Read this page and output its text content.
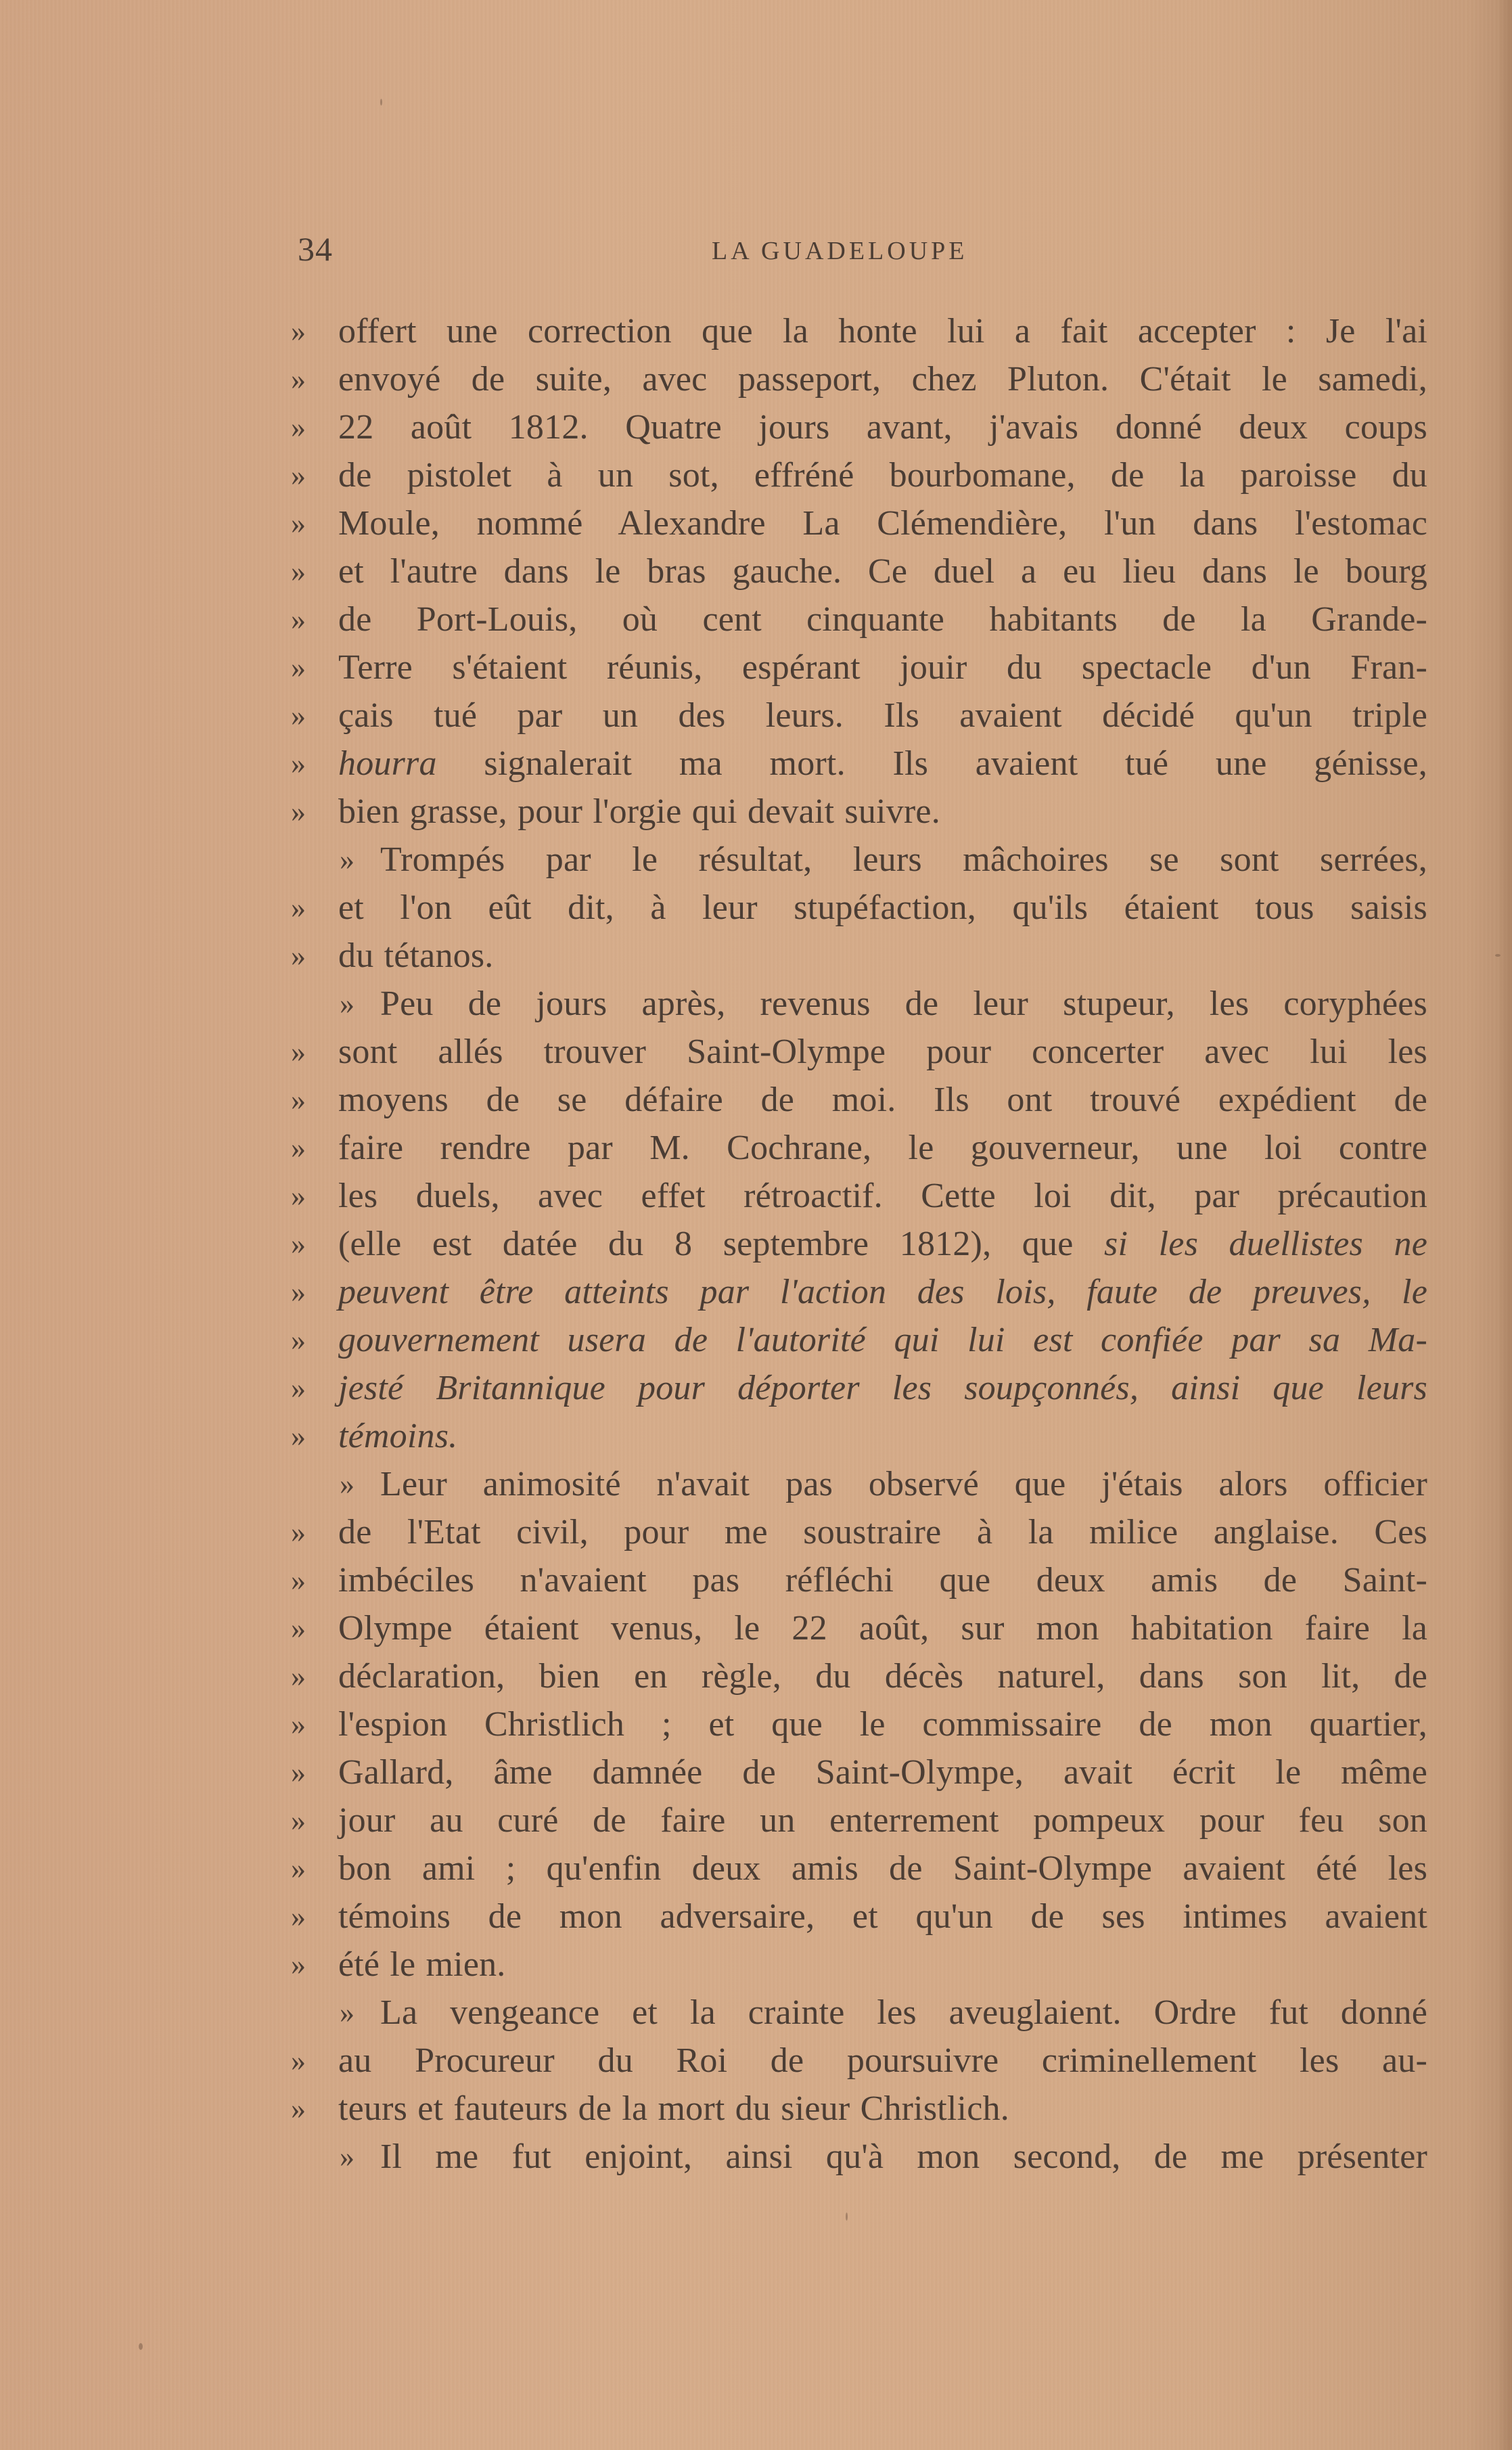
34	LA GUADELOUPE
» offert une correction que la honte lui a fait accepter : Je l'ai
» envoyé de suite, avec passeport, chez Pluton. C'était le samedi,
» 22 août 1812. Quatre jours avant, j'avais donné deux coups
» de pistolet à un sot, effréné bourbomane, de la paroisse du
» Moule, nommé Alexandre La Clémendière, l'un dans l'estomac
» et l'autre dans le bras gauche. Ce duel a eu lieu dans le bourg
» de Port-Louis, où cent cinquante habitants de la Grande-
» Terre s'étaient réunis, espérant jouir du spectacle d'un Fran-
» çais tué par un des leurs. Ils avaient décidé qu'un triple
» hourra signalerait ma mort. Ils avaient tué une génisse,
» bien grasse, pour l'orgie qui devait suivre.
» Trompés par le résultat, leurs mâchoires se sont serrées,
» et l'on eût dit, à leur stupéfaction, qu'ils étaient tous saisis
» du tétanos.
» Peu de jours après, revenus de leur stupeur, les coryphées
» sont allés trouver Saint-Olympe pour concerter avec lui les
» moyens de se défaire de moi. Ils ont trouvé expédient de
» faire rendre par M. Cochrane, le gouverneur, une loi contre
» les duels, avec effet rétroactif. Cette loi dit, par précaution
» (elle est datée du 8 septembre 1812), que si les duellistes ne
» peuvent être atteints par l'action des lois, faute de preuves, le
» gouvernement usera de l'autorité qui lui est confiée par sa Ma-
» jesté Britannique pour déporter les soupçonnés, ainsi que leurs
» témoins.
» Leur animosité n'avait pas observé que j'étais alors officier
» de l'Etat civil, pour me soustraire à la milice anglaise. Ces
» imbéciles n'avaient pas réfléchi que deux amis de Saint-
» Olympe étaient venus, le 22 août, sur mon habitation faire la
» déclaration, bien en règle, du décès naturel, dans son lit, de
» l'espion Christlich ; et que le commissaire de mon quartier,
» Gallard, âme damnée de Saint-Olympe, avait écrit le même
» jour au curé de faire un enterrement pompeux pour feu son
» bon ami ; qu'enfin deux amis de Saint-Olympe avaient été les
» témoins de mon adversaire, et qu'un de ses intimes avaient
» été le mien.
» La vengeance et la crainte les aveuglaient. Ordre fut donné
» au Procureur du Roi de poursuivre criminellement les au-
» teurs et fauteurs de la mort du sieur Christlich.
» Il me fut enjoint, ainsi qu'à mon second, de me présenter
